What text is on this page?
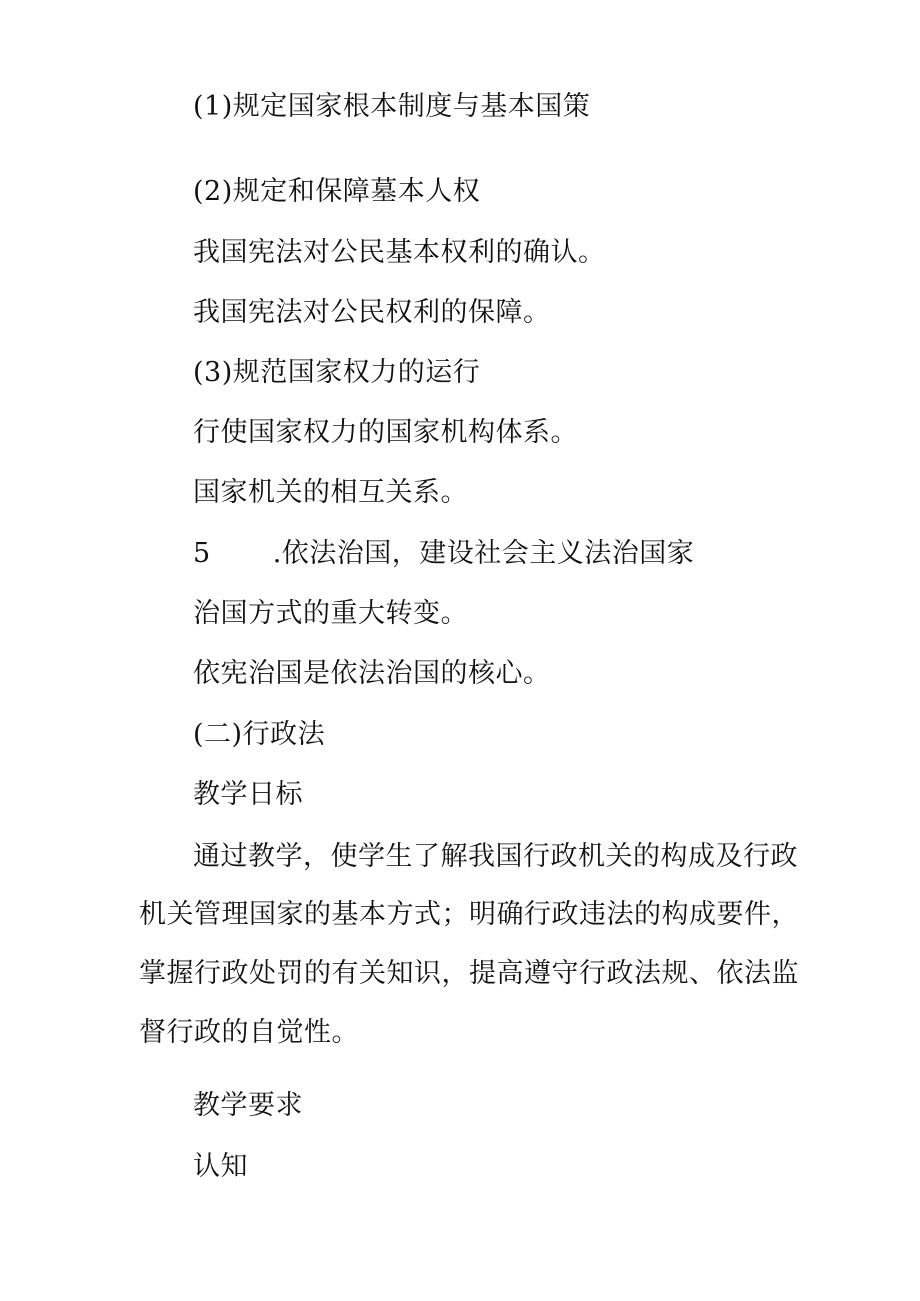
(1)规定国家根本制度与基本国策
(2)规定和保障墓本人权
我国宪法对公民基本权利的确认。
我国宪法对公民权利的保障。
(3)规范国家权力的运行
行使国家权力的国家机构体系。
国家机关的相互关系。
5 .依法治国，建设社会主义法治国家
治国方式的重大转变。
依宪治国是依法治国的核心。
(二)行政法
教学日标
通过教学，使学生了解我国行政机关的构成及行政
机关管理国家的基本方式；明确行政违法的构成要件，
掌握行政处罚的有关知识，提高遵守行政法规、依法监
督行政的自觉性。
教学要求
认知
